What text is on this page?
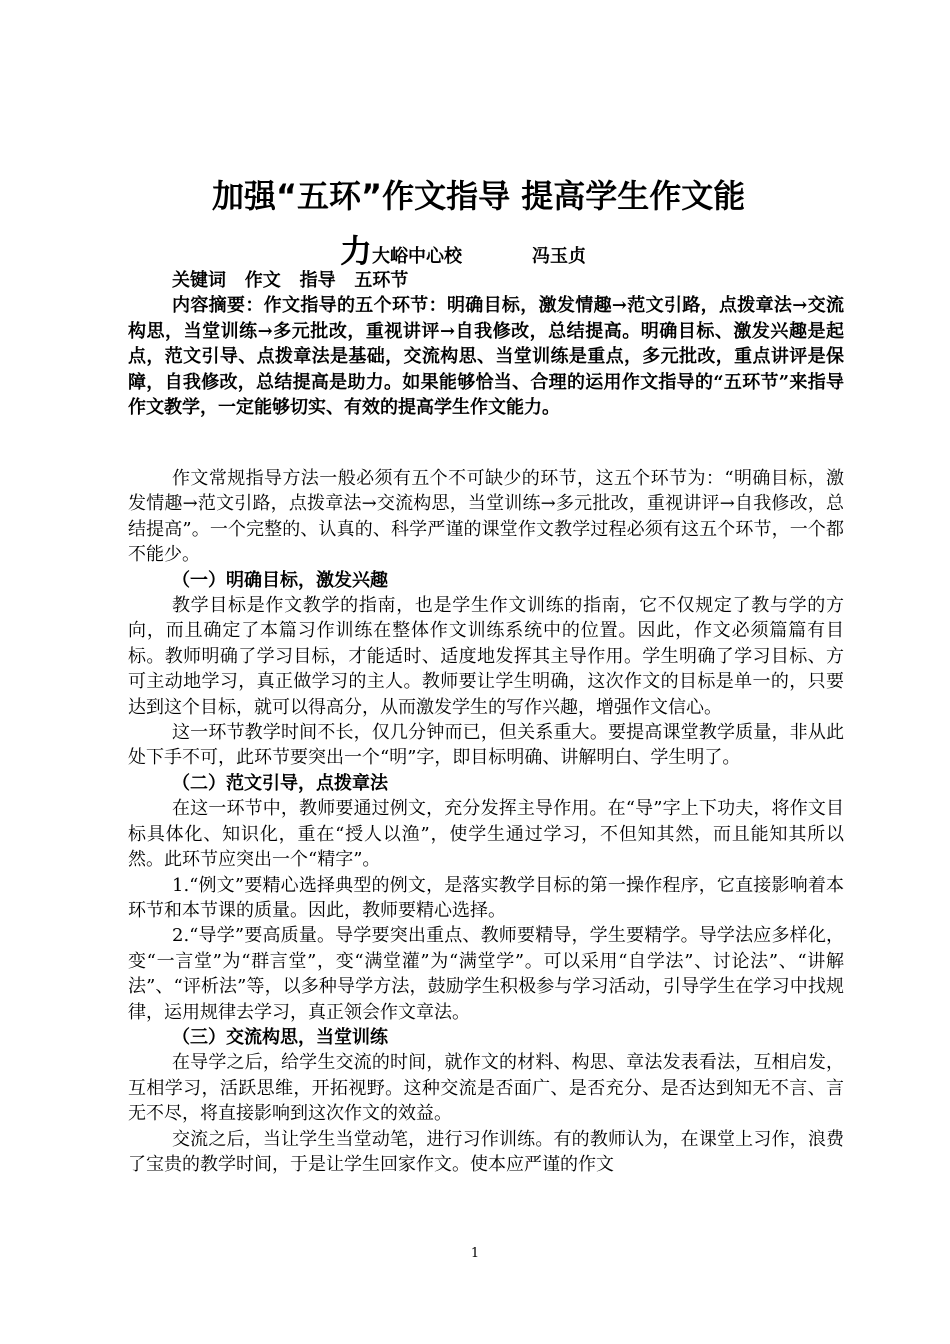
加强“五环”作文指导 提高学生作文能
力大峪中心校	冯玉贞

关键词   作文   指导   五环节

内容摘要：作文指导的五个环节：明确目标，激发情趣→范文引路，点拨章法→交流构思，当堂训练→多元批改，重视讲评→自我修改，总结提高。明确目标、激发兴趣是起点，范文引导、点拨章法是基础，交流构思、当堂训练是重点，多元批改，重点讲评是保障，自我修改，总结提高是助力。如果能够恰当、合理的运用作文指导的“五环节”来指导作文教学，一定能够切实、有效的提高学生作文能力。

作文常规指导方法一般必须有五个不可缺少的环节，这五个环节为：“明确目标，激发情趣→范文引路，点拨章法→交流构思，当堂训练→多元批改，重视讲评→自我修改，总结提高”。一个完整的、认真的、科学严谨的课堂作文教学过程必须有这五个环节，一个都不能少。

（一）明确目标，激发兴趣

教学目标是作文教学的指南，也是学生作文训练的指南，它不仅规定了教与学的方向，而且确定了本篇习作训练在整体作文训练系统中的位置。因此，作文必须篇篇有目标。教师明确了学习目标，才能适时、适度地发挥其主导作用。学生明确了学习目标、方可主动地学习，真正做学习的主人。教师要让学生明确，这次作文的目标是单一的，只要达到这个目标，就可以得高分，从而激发学生的写作兴趣，增强作文信心。

这一环节教学时间不长，仅几分钟而已，但关系重大。要提高课堂教学质量，非从此处下手不可，此环节要突出一个“明”字，即目标明确、讲解明白、学生明了。

（二）范文引导，点拨章法

在这一环节中，教师要通过例文，充分发挥主导作用。在“导”字上下功夫，将作文目标具体化、知识化，重在“授人以渔”，使学生通过学习，不但知其然，而且能知其所以然。此环节应突出一个“精字”。

1.“例文”要精心选择典型的例文，是落实教学目标的第一操作程序，它直接影响着本环节和本节课的质量。因此，教师要精心选择。

2.“导学”要高质量。导学要突出重点、教师要精导，学生要精学。导学法应多样化，变“一言堂”为“群言堂”，变“满堂灌”为“满堂学”。可以采用“自学法”、讨论法”、“讲解法”、“评析法”等，以多种导学方法，鼓励学生积极参与学习活动，引导学生在学习中找规律，运用规律去学习，真正领会作文章法。

（三）交流构思，当堂训练

在导学之后，给学生交流的时间，就作文的材料、构思、章法发表看法，互相启发，互相学习，活跃思维，开拓视野。这种交流是否面广、是否充分、是否达到知无不言、言无不尽，将直接影响到这次作文的效益。

交流之后，当让学生当堂动笔，进行习作训练。有的教师认为，在课堂上习作，浪费了宝贵的教学时间，于是让学生回家作文。使本应严谨的作文

1
